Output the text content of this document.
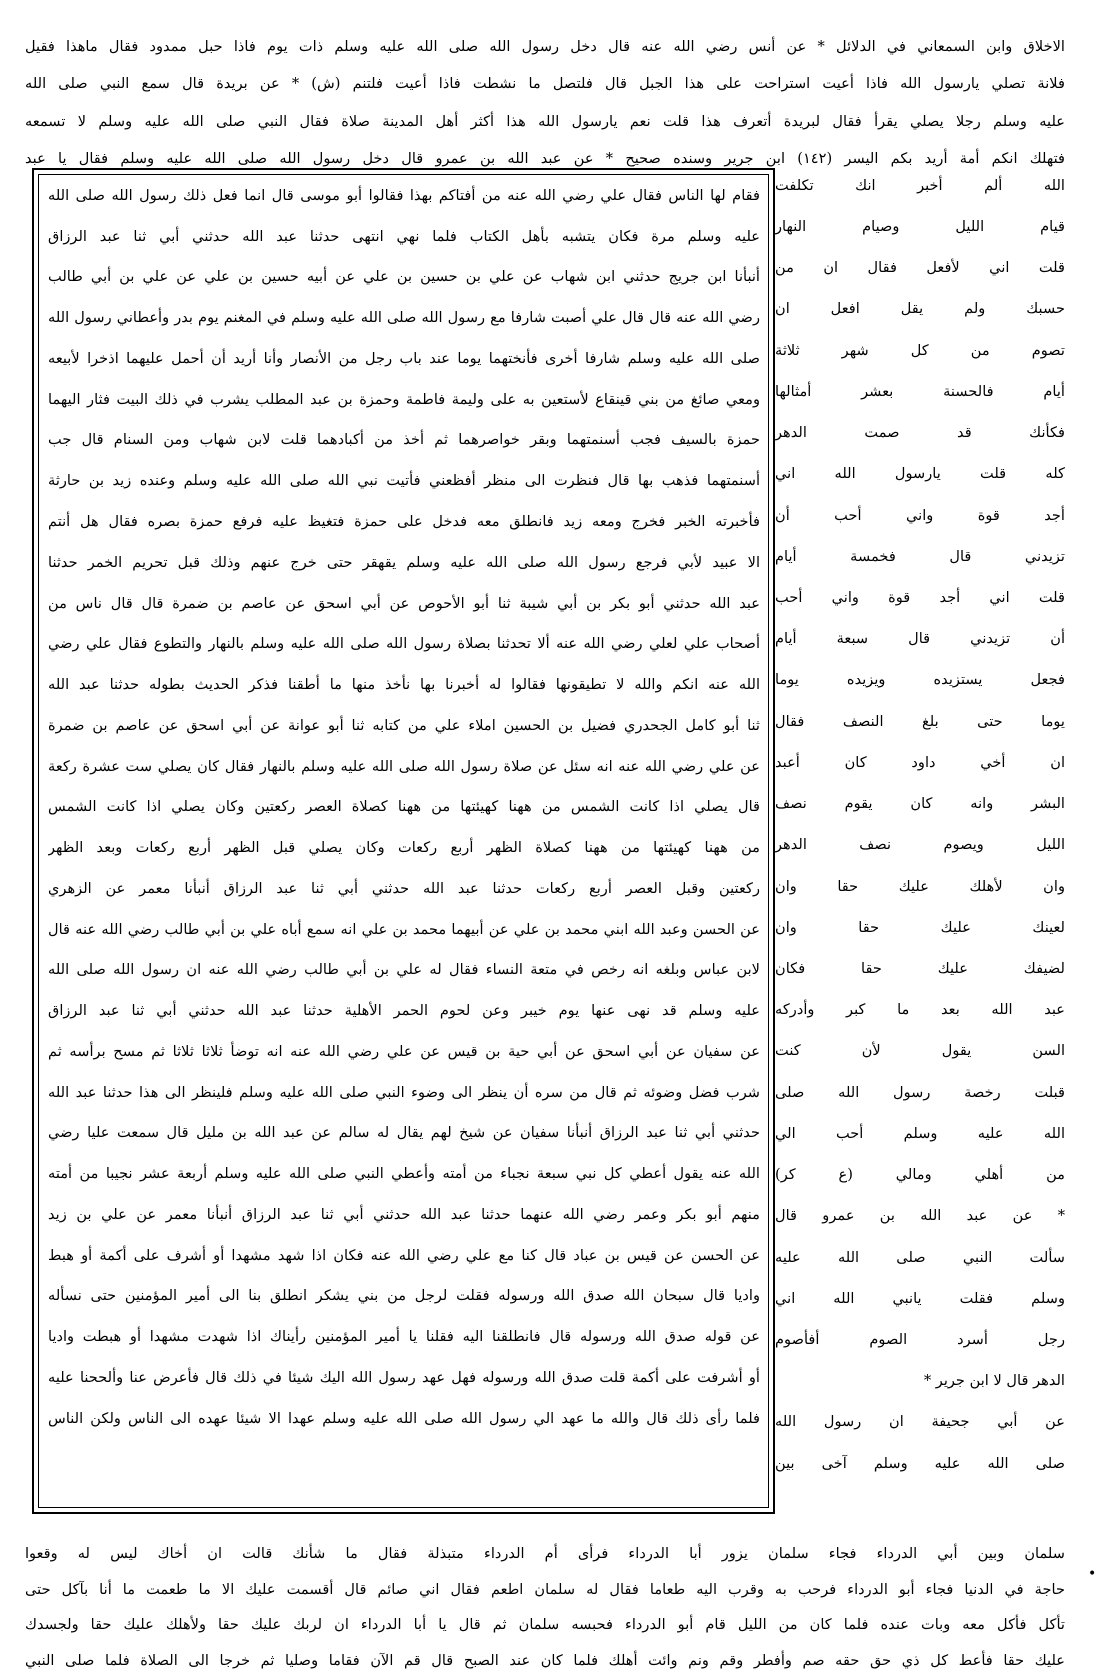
الاخلاق وابن السمعاني في الدلائل * عن أنس رضي الله عنه قال دخل رسول الله صلى الله عليه وسلم ذات يوم فاذا حبل ممدود فقال ماهذا فقيل
فلانة تصلي يارسول الله فاذا أعيت استراحت على هذا الجبل قال فلتصل ما نشطت فاذا أعيت فلتنم (ش) * عن بريدة قال سمع النبي صلى الله
عليه وسلم رجلا يصلي يقرأ فقال لبريدة أتعرف هذا قلت نعم يارسول الله هذا أكثر أهل المدينة صلاة فقال النبي صلى الله عليه وسلم لا تسمعه
فتهلك انكم أمة أريد بكم اليسر (١٤٢) ابن جرير وسنده صحيح * عن عبد الله بن عمرو قال دخل رسول الله صلى الله عليه وسلم فقال يا عبد
فقام لها الناس فقال علي رضي الله عنه من أفتاكم بهذا فقالوا أبو موسى قال انما فعل ذلك رسول الله صلى الله
عليه وسلم مرة فكان يتشبه بأهل الكتاب فلما نهي انتهى حدثنا عبد الله حدثني أبي ثنا عبد الرزاق
أنبأنا ابن جريج حدثني ابن شهاب عن علي بن حسين بن علي عن أبيه حسين بن علي عن علي بن أبي طالب
رضي الله عنه قال قال علي أصبت شارفا مع رسول الله صلى الله عليه وسلم في المغنم يوم بدر وأعطاني رسول الله
صلى الله عليه وسلم شارفا أخرى فأنختهما يوما عند باب رجل من الأنصار وأنا أريد أن أحمل عليهما اذخرا لأبيعه
ومعي صائغ من بني قينقاع لأستعين به على وليمة فاطمة وحمزة بن عبد المطلب يشرب في ذلك البيت فثار اليهما
حمزة بالسيف فجب أسنمتهما وبقر خواصرهما ثم أخذ من أكبادهما قلت لابن شهاب ومن السنام قال جب
أسنمتهما فذهب بها قال فنظرت الى منظر أفظعني فأتيت نبي الله صلى الله عليه وسلم وعنده زيد بن حارثة
فأخبرته الخبر فخرج ومعه زيد فانطلق معه فدخل على حمزة فتغيظ عليه فرفع حمزة بصره فقال هل أنتم
الا عبيد لأبي فرجع رسول الله صلى الله عليه وسلم يقهقر حتى خرج عنهم وذلك قبل تحريم الخمر حدثنا
عبد الله حدثني أبو بكر بن أبي شيبة ثنا أبو الأحوص عن أبي اسحق عن عاصم بن ضمرة قال قال ناس من
أصحاب علي لعلي رضي الله عنه ألا تحدثنا بصلاة رسول الله صلى الله عليه وسلم بالنهار والتطوع فقال علي رضي
الله عنه انكم والله لا تطيقونها فقالوا له أخبرنا بها نأخذ منها ما أطقنا فذكر الحديث بطوله حدثنا عبد الله
ثنا أبو كامل الجحدري فضيل بن الحسين املاء علي من كتابه ثنا أبو عوانة عن أبي اسحق عن عاصم بن ضمرة
عن علي رضي الله عنه انه سئل عن صلاة رسول الله صلى الله عليه وسلم بالنهار فقال كان يصلي ست عشرة ركعة
قال يصلي اذا كانت الشمس من ههنا كهيئتها من ههنا كصلاة العصر ركعتين وكان يصلي اذا كانت الشمس
من ههنا كهيئتها من ههنا كصلاة الظهر أربع ركعات وكان يصلي قبل الظهر أربع ركعات وبعد الظهر
ركعتين وقبل العصر أربع ركعات حدثنا عبد الله حدثني أبي ثنا عبد الرزاق أنبأنا معمر عن الزهري
عن الحسن وعبد الله ابني محمد بن علي عن أبيهما محمد بن علي انه سمع أباه علي بن أبي طالب رضي الله عنه قال
لابن عباس وبلغه انه رخص في متعة النساء فقال له علي بن أبي طالب رضي الله عنه ان رسول الله صلى الله
عليه وسلم قد نهى عنها يوم خيبر وعن لحوم الحمر الأهلية حدثنا عبد الله حدثني أبي ثنا عبد الرزاق
عن سفيان عن أبي اسحق عن أبي حية بن قيس عن علي رضي الله عنه انه توضأ ثلاثا ثلاثا ثم مسح برأسه ثم
شرب فضل وضوئه ثم قال من سره أن ينظر الى وضوء النبي صلى الله عليه وسلم فلينظر الى هذا حدثنا عبد الله
حدثني أبي ثنا عبد الرزاق أنبأنا سفيان عن شيخ لهم يقال له سالم عن عبد الله بن مليل قال سمعت عليا رضي
الله عنه يقول أعطي كل نبي سبعة نجباء من أمته وأعطي النبي صلى الله عليه وسلم أربعة عشر نجيبا من أمته
منهم أبو بكر وعمر رضي الله عنهما حدثنا عبد الله حدثني أبي ثنا عبد الرزاق أنبأنا معمر عن علي بن زيد
عن الحسن عن قيس بن عباد قال كنا مع علي رضي الله عنه فكان اذا شهد مشهدا أو أشرف على أكمة أو هبط
واديا قال سبحان الله صدق الله ورسوله فقلت لرجل من بني يشكر انطلق بنا الى أمير المؤمنين حتى نسأله
عن قوله صدق الله ورسوله قال فانطلقنا اليه فقلنا يا أمير المؤمنين رأيناك اذا شهدت مشهدا أو هبطت واديا
أو أشرفت على أكمة قلت صدق الله ورسوله فهل عهد رسول الله اليك شيئا في ذلك قال فأعرض عنا وألححنا عليه
فلما رأى ذلك قال والله ما عهد الي رسول الله صلى الله عليه وسلم عهدا الا شيئا عهده الى الناس ولكن الناس
الله ألم أخبر انك تكلفت
قيام الليل وصيام النهار
قلت اني لأفعل فقال ان من
حسبك ولم يقل افعل ان
تصوم من كل شهر ثلاثة
أيام فالحسنة بعشر أمثالها
فكأنك قد صمت الدهر
كله قلت يارسول الله اني
أجد قوة واني أحب أن
تزيدني قال فخمسة أيام
قلت اني أجد قوة واني أحب
أن تزيدني قال سبعة أيام
فجعل يستزيده ويزيده يوما
يوما حتى بلغ النصف فقال
ان أخي داود كان أعبد
البشر وانه كان يقوم نصف
الليل ويصوم نصف الدهر
وان لأهلك عليك حقا وان
لعينك عليك حقا وان
لضيفك عليك حقا فكان
عبد الله بعد ما كبر وأدركه
السن يقول لأن كنت
قبلت رخصة رسول الله صلى
الله عليه وسلم أحب الي
من أهلي ومالي (ع كر)
* عن عبد الله بن عمرو قال
سألت النبي صلى الله عليه
وسلم فقلت يانبي الله اني
رجل أسرد الصوم أفأصوم
الدهر قال لا ابن جرير *
عن أبي جحيفة ان رسول الله
صلى الله عليه وسلم آخى بين
سلمان وبين أبي الدرداء فجاء سلمان يزور أبا الدرداء فرأى أم الدرداء متبذلة فقال ما شأنك قالت ان أخاك ليس له وقعوا
حاجة في الدنيا فجاء أبو الدرداء فرحب به وقرب اليه طعاما فقال له سلمان اطعم فقال اني صائم قال أقسمت عليك الا ما طعمت ما أنا بآكل حتى
تأكل فأكل معه وبات عنده فلما كان من الليل قام أبو الدرداء فحبسه سلمان ثم قال يا أبا الدرداء ان لربك عليك حقا ولأهلك عليك حقا ولجسدك
عليك حقا فأعط كل ذي حق حقه صم وأفطر وقم ونم وائت أهلك فلما كان عند الصبح قال قم الآن فقاما وصليا ثم خرجا الى الصلاة فلما صلى النبي
•
